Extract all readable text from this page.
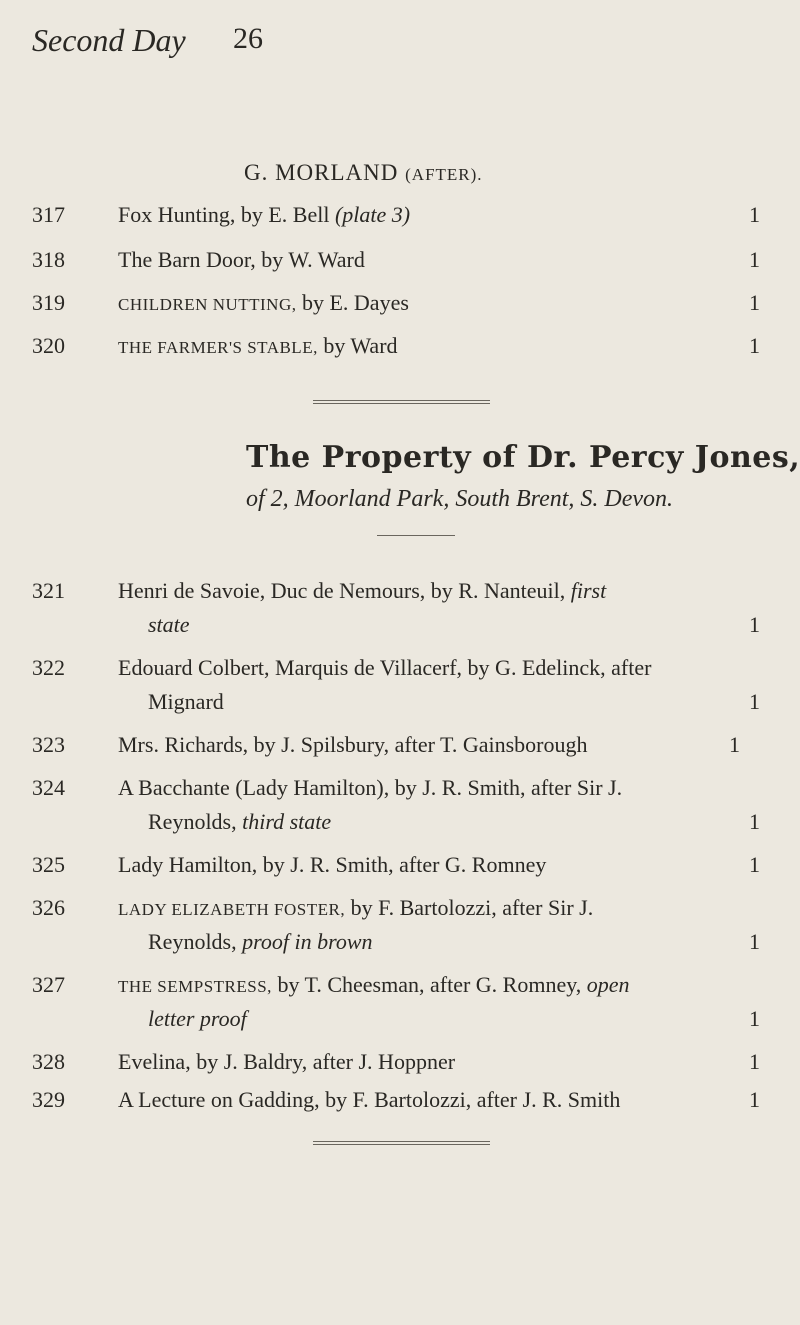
Second Day 26
G. MORLAND (AFTER).
317	Fox Hunting, by E. Bell (plate 3)	1
318	The Barn Door, by W. Ward	1
319	CHILDREN NUTTING, by E. Dayes	1
320	THE FARMER'S STABLE, by Ward	1
The Property of Dr. Percy Jones,
of 2, Moorland Park, South Brent, S. Devon.
321	Henri de Savoie, Duc de Nemours, by R. Nanteuil, first
state	1
322	Edouard Colbert, Marquis de Villacerf, by G. Edelinck, after
Mignard	1
323	Mrs. Richards, by J. Spilsbury, after T. Gainsborough	1
324	A Bacchante (Lady Hamilton), by J. R. Smith, after Sir J.
Reynolds, third state	1
325	Lady Hamilton, by J. R. Smith, after G. Romney	1
326	LADY ELIZABETH FOSTER, by F. Bartolozzi, after Sir J.
Reynolds, proof in brown	1
327	THE SEMPSTRESS, by T. Cheesman, after G. Romney, open
letter proof	1
328	Evelina, by J. Baldry, after J. Hoppner	1
329	A Lecture on Gadding, by F. Bartolozzi, after J. R. Smith	1
